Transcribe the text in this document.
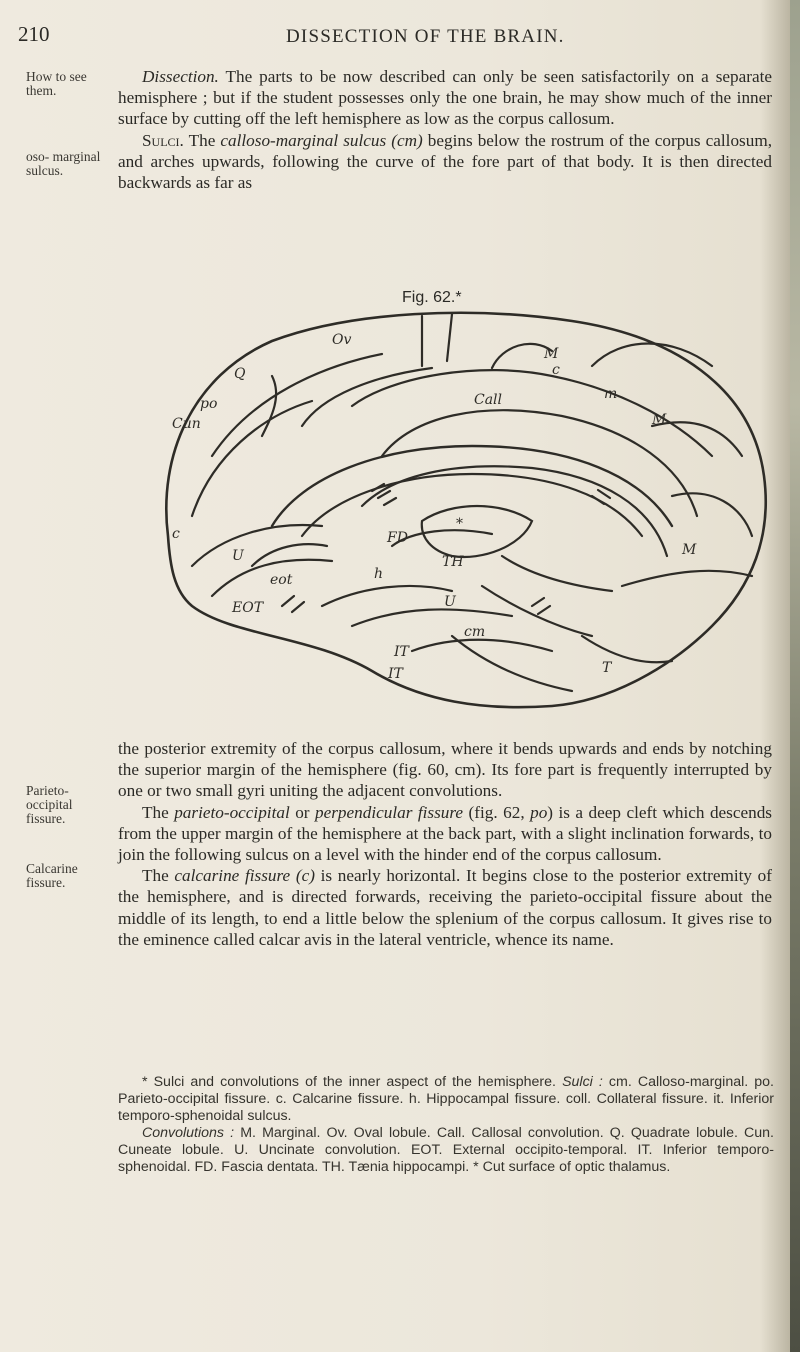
210	DISSECTION OF THE BRAIN.
How to see them.
oso- marginal sulcus.
Parieto- occipital fissure.
Calcarine fissure.

Dissection. The parts to be now described can only be seen satisfactorily on a separate hemisphere ; but if the student possesses only the one brain, he may show much of the inner surface by cutting off the left hemisphere as low as the corpus callosum.

Sulci. The calloso-marginal sulcus (cm) begins below the rostrum of the corpus callosum, and arches upwards, following the curve of the fore part of that body. It is then directed backwards as far as

Fig. 62.*
Ov
Q
M
c
m
Call
po
Cun	M
*
c	FD
TH
U
eot
EOT	U
h
cm
IT
T
M
IT

the posterior extremity of the corpus callosum, where it bends upwards and ends by notching the superior margin of the hemisphere (fig. 60, cm). Its fore part is frequently interrupted by one or two small gyri uniting the adjacent convolutions.

The parieto-occipital or perpendicular fissure (fig. 62, po) is a deep cleft which descends from the upper margin of the hemisphere at the back part, with a slight inclination forwards, to join the following sulcus on a level with the hinder end of the corpus callosum.

The calcarine fissure (c) is nearly horizontal. It begins close to the posterior extremity of the hemisphere, and is directed forwards, receiving the parieto-occipital fissure about the middle of its length, to end a little below the splenium of the corpus callosum. It gives rise to the eminence called calcar avis in the lateral ventricle, whence its name.

* Sulci and convolutions of the inner aspect of the hemisphere. Sulci : cm. Calloso-marginal. po. Parieto-occipital fissure. c. Calcarine fissure. h. Hippocampal fissure. coll. Collateral fissure. it. Inferior temporo-sphenoidal sulcus.

Convolutions : M. Marginal. Ov. Oval lobule. Call. Callosal convolution. Q. Quadrate lobule. Cun. Cuneate lobule. U. Uncinate convolution. EOT. External occipito-temporal. IT. Inferior temporo-sphenoidal. FD. Fascia dentata. TH. Tænia hippocampi. * Cut surface of optic thalamus.
